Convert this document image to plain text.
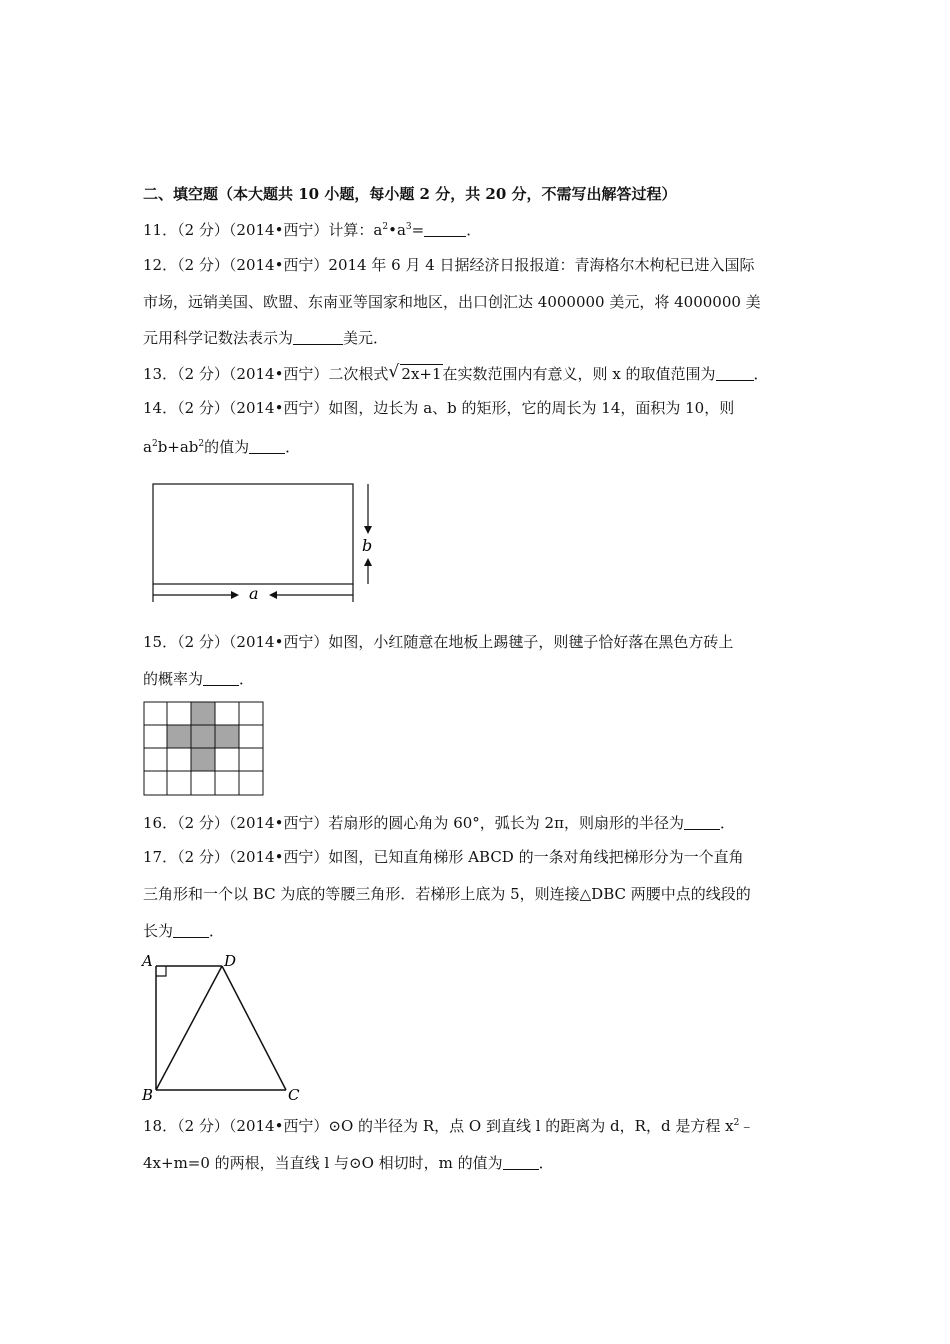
二、填空题（本大题共 10 小题，每小题 2 分，共 20 分，不需写出解答过程）
11．（2 分）（2014•西宁）计算：$a^2•a^3=$	．
12．（2 分）（2014•西宁）2014 年 6 月 4 日据经济日报报道：青海格尔木枸杞已进入国际
市场，远销美国、欧盟、东南亚等国家和地区，出口创汇达 4000000 美元，将 4000000 美
元用科学记数法表示为	美元．
13．（2 分）（2014•西宁）二次根式 √ 2x+1在实数范围内有意义，则 x 的取值范围为	．
14．（2 分）（2014•西宁）如图，边长为 a、b 的矩形，它的周长为 14，面积为 10，则
$a^2b+ab^2$的值为 ．
b
a
15．（2 分）（2014•西宁）如图，小红随意在地板上踢毽子，则毽子恰好落在黑色方砖上
的概率为 ．
16．（2 分）（2014•西宁）若扇形的圆心角为 60°，弧长为 2π，则扇形的半径为 ．
17．（2 分）（2014•西宁）如图，已知直角梯形 ABCD 的一条对角线把梯形分为一个直角
三角形和一个以 BC 为底的等腰三角形．若梯形上底为 5，则连接△DBC 两腰中点的线段的
长为 ．
A	D
B	C
18．（2 分）（2014•西宁）⊙O 的半径为 R，点 O 到直线 l 的距离为 d，R，d 是方程 $x^2﹣$
4x+m=0 的两根，当直线 l 与⊙O 相切时，m 的值为 ．
